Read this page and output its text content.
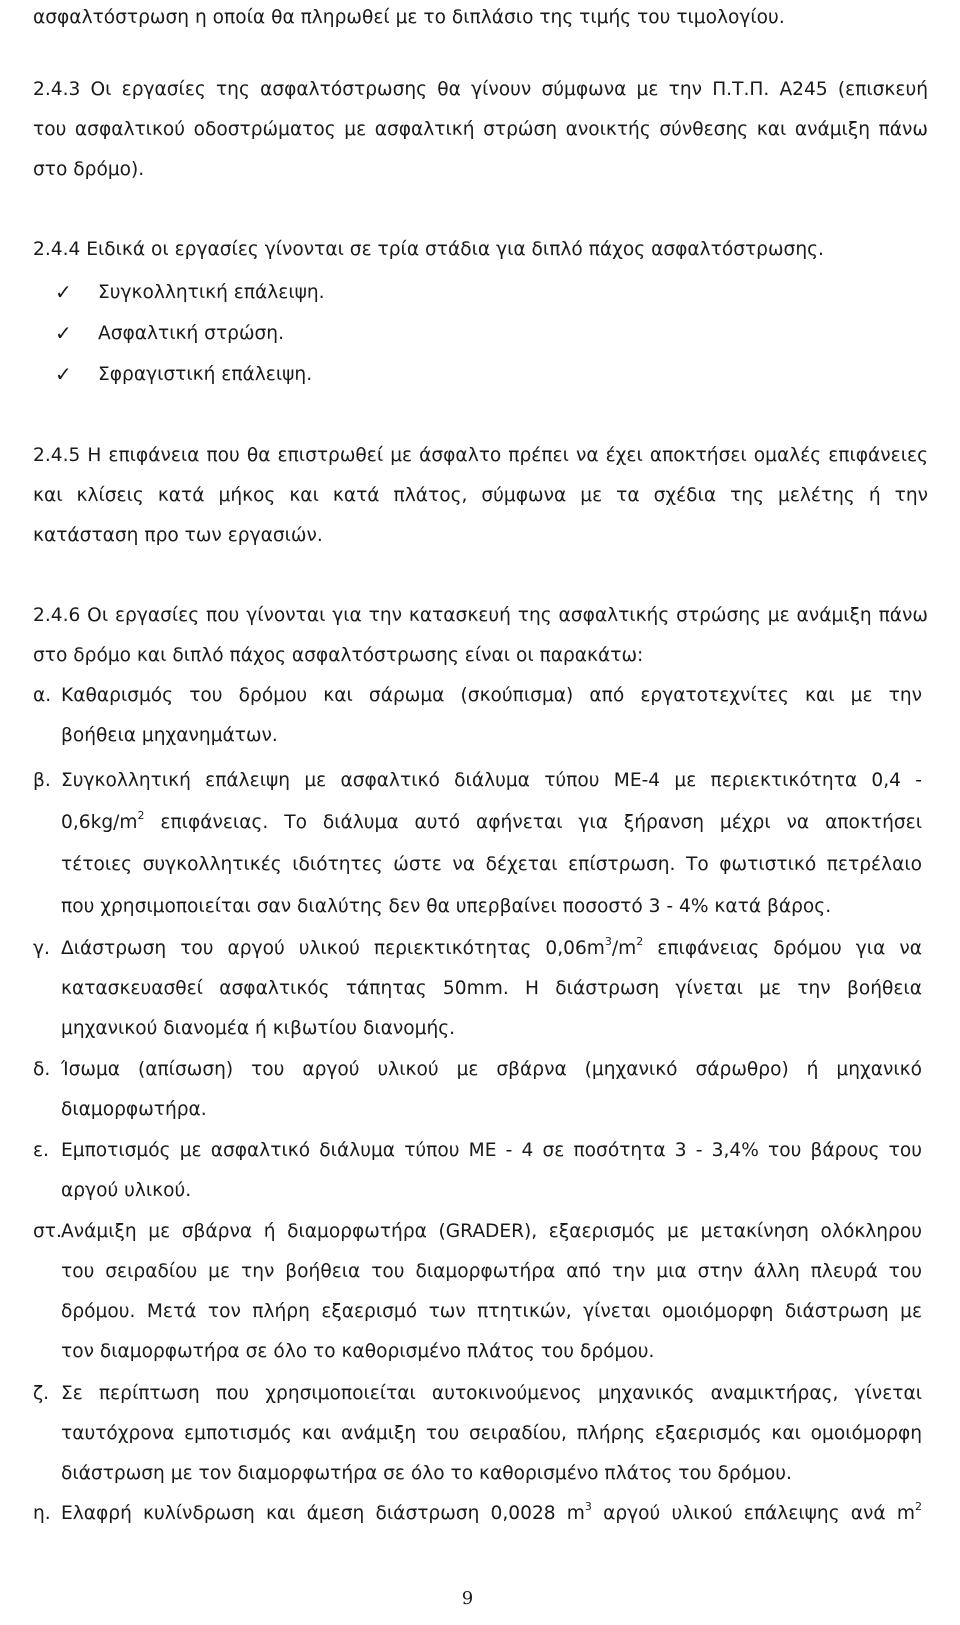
ασφαλτόστρωση η οποία θα πληρωθεί με το διπλάσιο της τιμής του τιμολογίου.
2.4.3 Οι εργασίες της ασφαλτόστρωσης θα γίνουν σύμφωνα με την Π.Τ.Π. Α245 (επισκευή
του ασφαλτικού οδοστρώματος με ασφαλτική στρώση ανοικτής σύνθεσης και ανάμιξη πάνω
στο δρόμο).
2.4.4 Ειδικά οι εργασίες γίνονται σε τρία στάδια για διπλό πάχος ασφαλτόστρωσης.
✓ Συγκολλητική επάλειψη.
✓ Ασφαλτική στρώση.
✓ Σφραγιστική επάλειψη.
2.4.5 Η επιφάνεια που θα επιστρωθεί με άσφαλτο πρέπει να έχει αποκτήσει ομαλές επιφάνειες
και κλίσεις κατά μήκος και κατά πλάτος, σύμφωνα με τα σχέδια της μελέτης ή την
κατάσταση προ των εργασιών.
2.4.6 Οι εργασίες που γίνονται για την κατασκευή της ασφαλτικής στρώσης με ανάμιξη πάνω
στο δρόμο και διπλό πάχος ασφαλτόστρωσης είναι οι παρακάτω:
α. Καθαρισμός του δρόμου και σάρωμα (σκούπισμα) από εργατοτεχνίτες και με την
βοήθεια μηχανημάτων.
β. Συγκολλητική επάλειψη με ασφαλτικό διάλυμα τύπου ΜΕ-4 με περιεκτικότητα 0,4 -
$0,6kg/m^2$ επιφάνειας. Το διάλυμα αυτό αφήνεται για ξήρανση μέχρι να αποκτήσει
τέτοιες συγκολλητικές ιδιότητες ώστε να δέχεται επίστρωση. Το φωτιστικό πετρέλαιο
που χρησιμοποιείται σαν διαλύτης δεν θα υπερβαίνει ποσοστό 3 - 4% κατά βάρος.
γ. Διάστρωση του αργού υλικού περιεκτικότητας $0,06m^3/m^2$ επιφάνειας δρόμου για να
κατασκευασθεί ασφαλτικός τάπητας 50mm. Η διάστρωση γίνεται με την βοήθεια
μηχανικού διανομέα ή κιβωτίου διανομής.
δ. Ίσωμα (απίσωση) του αργού υλικού με σβάρνα (μηχανικό σάρωθρο) ή μηχανικό
διαμορφωτήρα.
ε. Εμποτισμός με ασφαλτικό διάλυμα τύπου ΜΕ - 4 σε ποσότητα 3 - 3,4% του βάρους του
αργού υλικού.
στ. Ανάμιξη με σβάρνα ή διαμορφωτήρα (GRADER), εξαερισμός με μετακίνηση ολόκληρου
του σειραδίου με την βοήθεια του διαμορφωτήρα από την μια στην άλλη πλευρά του
δρόμου. Μετά τον πλήρη εξαερισμό των πτητικών, γίνεται ομοιόμορφη διάστρωση με
τον διαμορφωτήρα σε όλο το καθορισμένο πλάτος του δρόμου.
ζ. Σε περίπτωση που χρησιμοποιείται αυτοκινούμενος μηχανικός αναμικτήρας, γίνεται
ταυτόχρονα εμποτισμός και ανάμιξη του σειραδίου, πλήρης εξαερισμός και ομοιόμορφη
διάστρωση με τον διαμορφωτήρα σε όλο το καθορισμένο πλάτος του δρόμου.
η. Ελαφρή κυλίνδρωση και άμεση διάστρωση 0,0028 $m^3$ αργού υλικού επάλειψης ανά $m^2$
9
